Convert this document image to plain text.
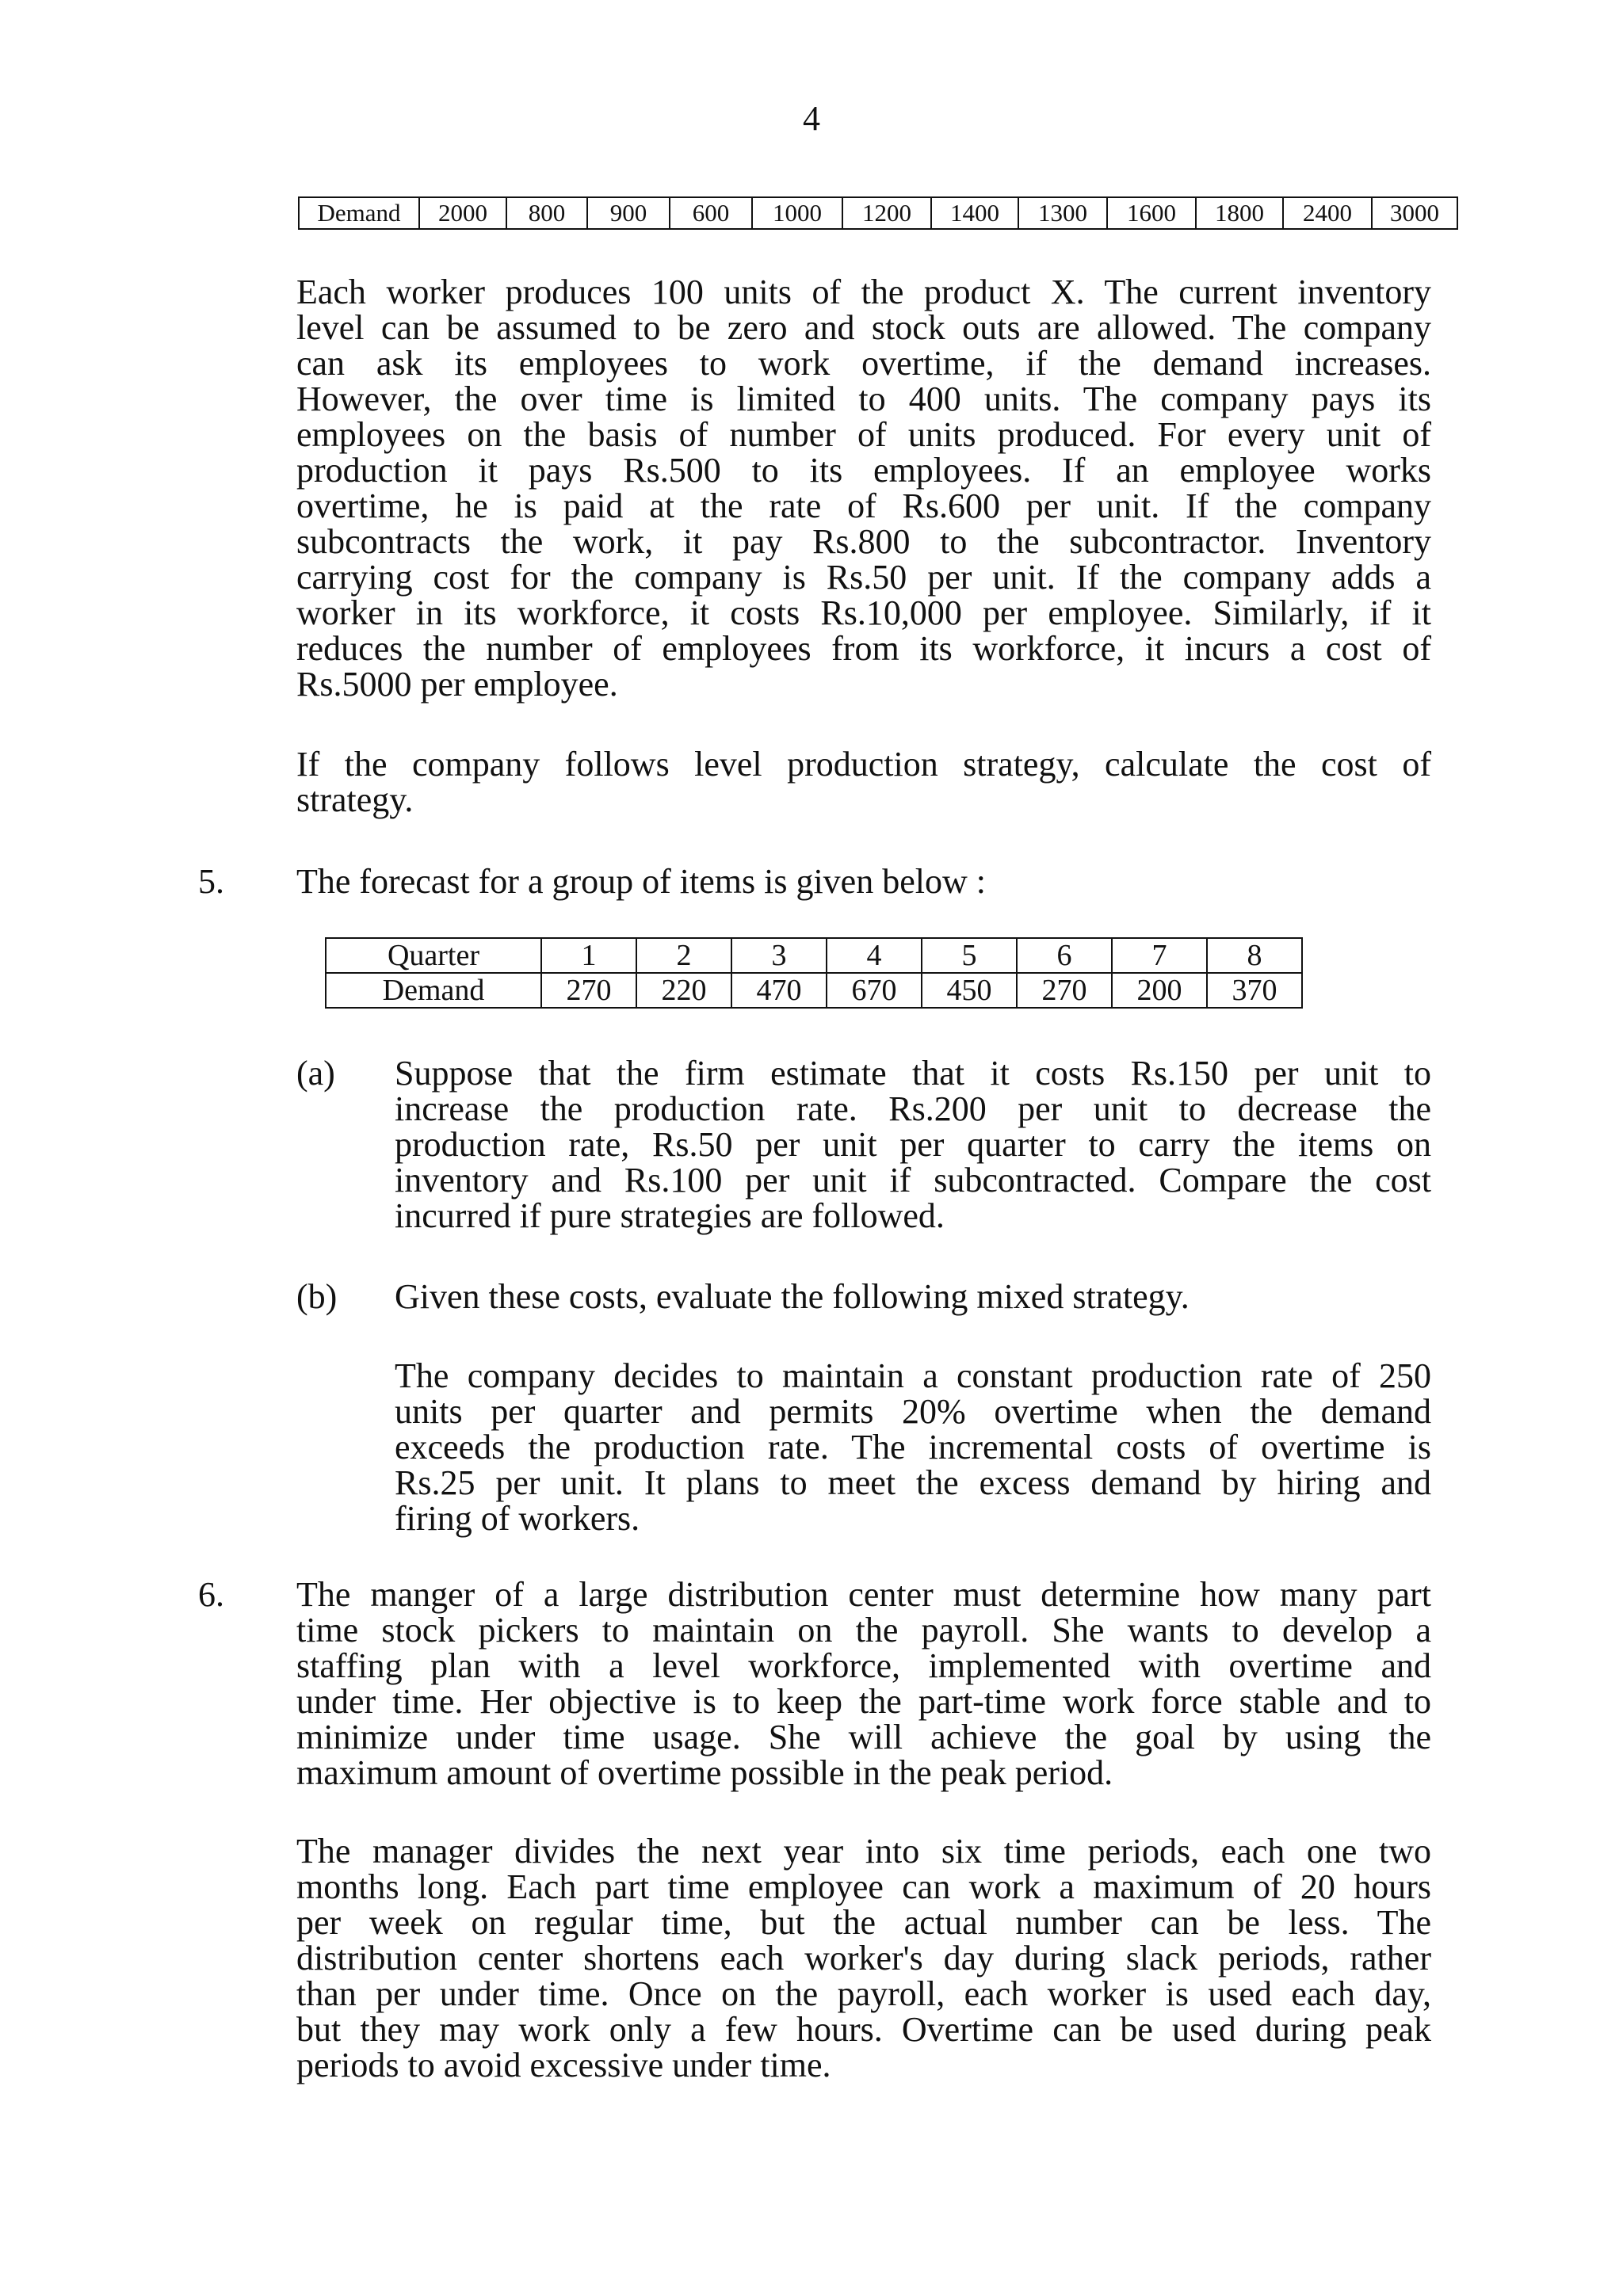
4
Demand	2000	800	900	600	1000	1200	1400	1300	1600	1800	2400	3000
Each worker produces 100 units of the product X. The current inventory
level can be assumed to be zero and stock outs are allowed. The company
can ask its employees to work overtime, if the demand increases.
However, the over time is limited to 400 units. The company pays its
employees on the basis of number of units produced. For every unit of
production it pays Rs.500 to its employees. If an employee works
overtime, he is paid at the rate of Rs.600 per unit. If the company
subcontracts the work, it pay Rs.800 to the subcontractor. Inventory
carrying cost for the company is Rs.50 per unit. If the company adds a
worker in its workforce, it costs Rs.10,000 per employee. Similarly, if it
reduces the number of employees from its workforce, it incurs a cost of
Rs.5000 per employee.
If the company follows level production strategy, calculate the cost of
strategy.
5. The forecast for a group of items is given below :
Quarter	1	2	3	4	5	6	7	8
Demand	270	220	470	670	450	270	200	370
(a) Suppose that the firm estimate that it costs Rs.150 per unit to
increase the production rate. Rs.200 per unit to decrease the
production rate, Rs.50 per unit per quarter to carry the items on
inventory and Rs.100 per unit if subcontracted. Compare the cost
incurred if pure strategies are followed.
(b) Given these costs, evaluate the following mixed strategy.
The company decides to maintain a constant production rate of 250
units per quarter and permits 20% overtime when the demand
exceeds the production rate. The incremental costs of overtime is
Rs.25 per unit. It plans to meet the excess demand by hiring and
firing of workers.
6. The manger of a large distribution center must determine how many part
time stock pickers to maintain on the payroll. She wants to develop a
staffing plan with a level workforce, implemented with overtime and
under time. Her objective is to keep the part-time work force stable and to
minimize under time usage. She will achieve the goal by using the
maximum amount of overtime possible in the peak period.
The manager divides the next year into six time periods, each one two
months long. Each part time employee can work a maximum of 20 hours
per week on regular time, but the actual number can be less. The
distribution center shortens each worker's day during slack periods, rather
than per under time. Once on the payroll, each worker is used each day,
but they may work only a few hours. Overtime can be used during peak
periods to avoid excessive under time.
